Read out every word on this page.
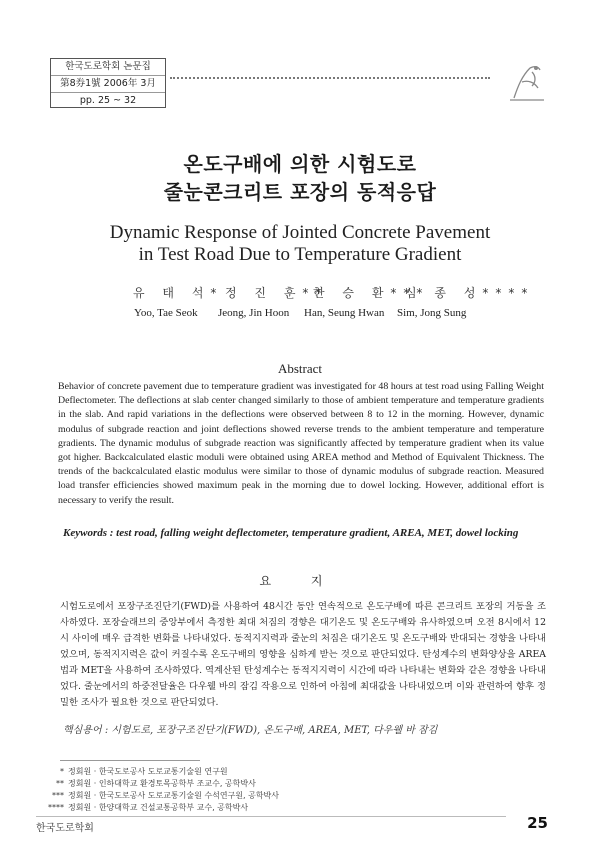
한국도로학회 논문집
第8券1號 2006年 3月
pp. 25 ~ 32
온도구배에 의한 시험도로
줄눈콘크리트 포장의 동적응답
Dynamic Response of Jointed Concrete Pavement
in Test Road Due to Temperature Gradient
유 태 석* 정 진 훈**
한 승 환***
심 종 성****
Yoo, Tae Seok Jeong, Jin Hoon Han, Seung Hwan Sim, Jong Sung
Abstract
Behavior of concrete pavement due to temperature gradient was investigated for 48 hours at test road using Falling Weight Deflectometer. The deflections at slab center changed similarly to those of ambient temperature and temperature gradients in the slab. And rapid variations in the deflections were observed between 8 to 12 in the morning. However, dynamic modulus of subgrade reaction and joint deflections showed reverse trends to the ambient temperature and temperature gradients. The dynamic modulus of subgrade reaction was significantly affected by temperature gradient when its value got higher. Backcalculated elastic moduli were obtained using AREA method and Method of Equivalent Thickness. The trends of the backcalculated elastic modulus were similar to those of dynamic modulus of subgrade reaction. Measured load transfer efficiencies showed maximum peak in the morning due to dowel locking. However, additional effort is necessary to verify the result.
Keywords : test road, falling weight deflectometer, temperature gradient, AREA, MET, dowel locking
요 지
시험도로에서 포장구조진단기(FWD)를 사용하여 48시간 동안 연속적으로 온도구배에 따른 콘크리트 포장의 거동을 조사하였다. 포장슬래브의 중앙부에서 측정한 최대 처짐의 경향은 대기온도 및 온도구배와 유사하였으며 오전 8시에서 12시 사이에 매우 급격한 변화를 나타내었다. 동적지지력과 줄눈의 처짐은 대기온도 및 온도구배와 반대되는 경향을 나타내었으며, 동적지지력은 값이 커질수록 온도구배의 영향을 심하게 받는 것으로 판단되었다. 탄성계수의 변화양상을 AREA법과 MET을 사용하여 조사하였다. 역계산된 탄성계수는 동적지지력이 시간에 따라 나타내는 변화와 같은 경향을 나타내었다. 줄눈에서의 하중전달율은 다우웰 바의 잠김 작용으로 인하여 아침에 최대값을 나타내었으며 이와 관련하여 향후 정밀한 조사가 필요한 것으로 판단되었다.
핵심용어 : 시험도로, 포장구조진단기(FWD), 온도구배, AREA, MET, 다우웰 바 잠김
* 정회원 · 한국도로공사 도로교통기술원 연구원
** 정회원 · 인하대학교 환경토목공학부 조교수, 공학박사
*** 정회원 · 한국도로공사 도로교통기술원 수석연구원, 공학박사
**** 정회원 · 한양대학교 건설교통공학부 교수, 공학박사
한국도로학회	25
